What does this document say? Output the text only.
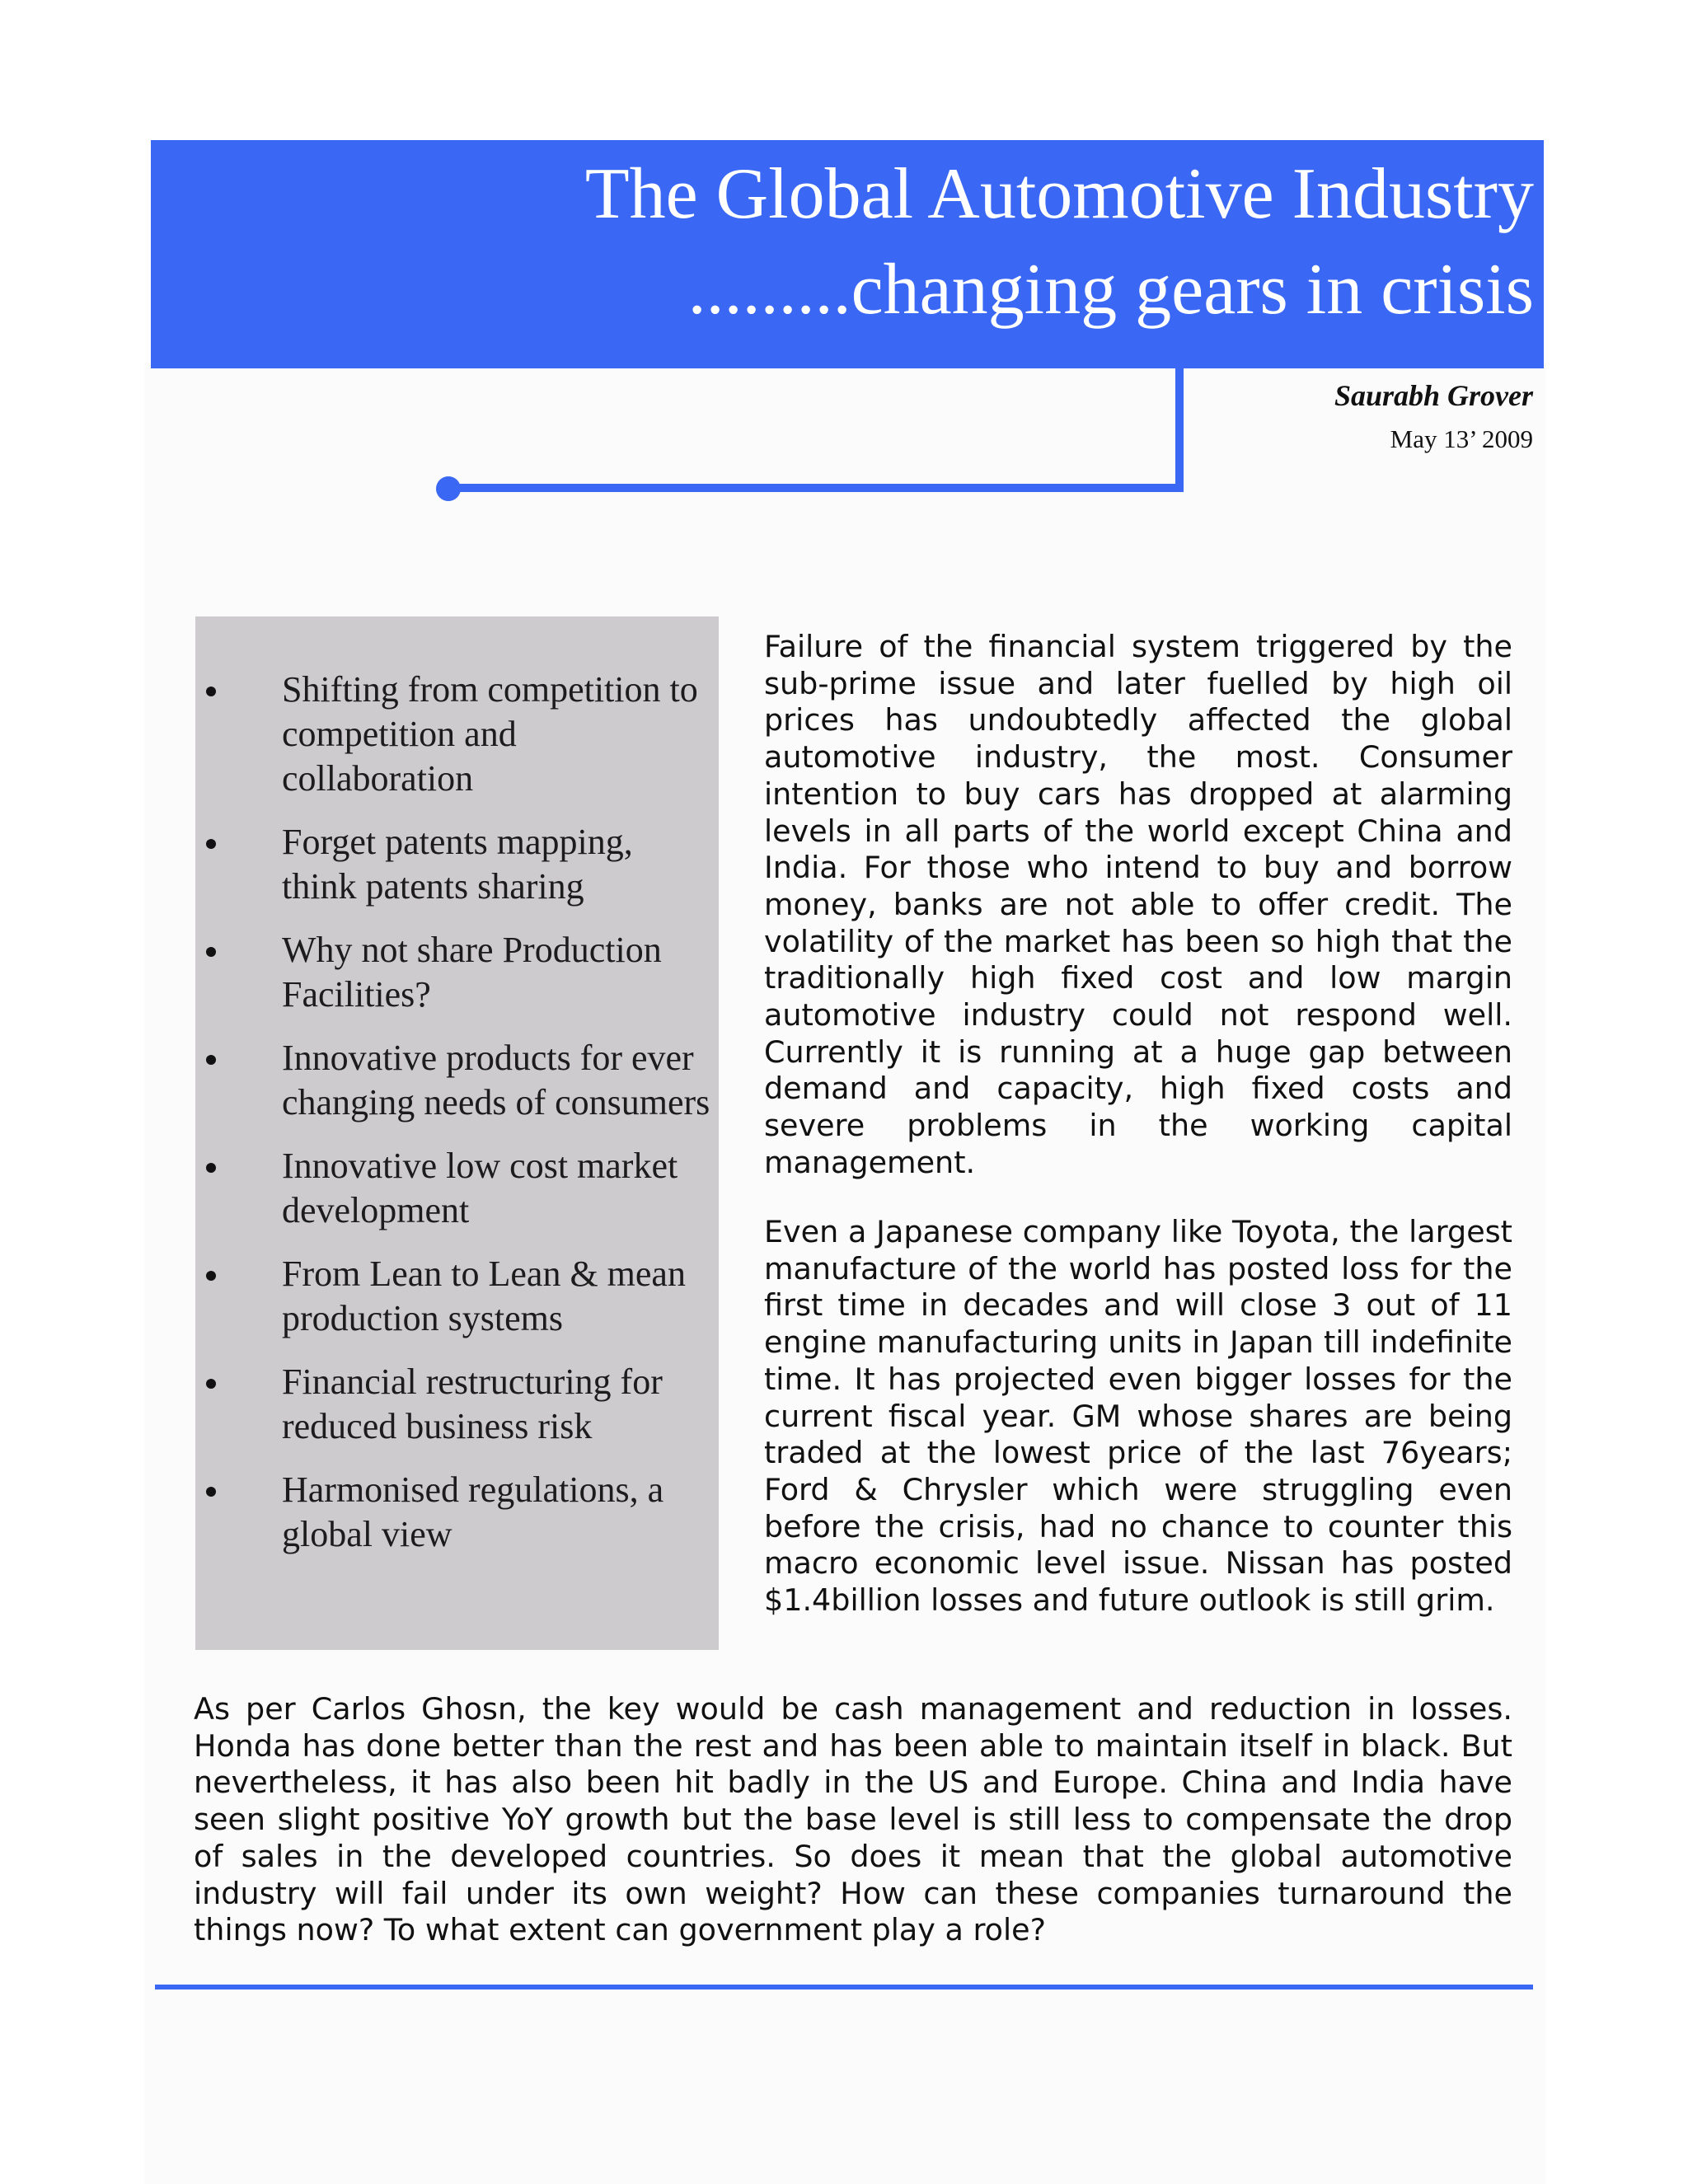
The Global Automotive Industry
.........changing gears in crisis
Saurabh Grover
May 13’ 2009
Shifting from competition to competition and collaboration
Forget patents mapping, think patents sharing
Why not share Production Facilities?
Innovative products for ever changing needs of consumers
Innovative low cost market development
From Lean to Lean & mean production systems
Financial restructuring for reduced business risk
Harmonised regulations, a global view

Failure of the financial system triggered by the sub-prime issue and later fuelled by high oil prices has undoubtedly affected the global automotive industry, the most. Consumer intention to buy cars has dropped at alarming levels in all parts of the world except China and India. For those who intend to buy and borrow money, banks are not able to offer credit. The volatility of the market has been so high that the traditionally high fixed cost and low margin automotive industry could not respond well. Currently it is running at a huge gap between demand and capacity, high fixed costs and severe problems in the working capital management.

Even a Japanese company like Toyota, the largest manufacture of the world has posted loss for the first time in decades and will close 3 out of 11 engine manufacturing units in Japan till indefinite time. It has projected even bigger losses for the current fiscal year. GM whose shares are being traded at the lowest price of the last 76years; Ford & Chrysler which were struggling even before the crisis, had no chance to counter this macro economic level issue. Nissan has posted $1.4billion losses and future outlook is still grim.

As per Carlos Ghosn, the key would be cash management and reduction in losses. Honda has done better than the rest and has been able to maintain itself in black. But nevertheless, it has also been hit badly in the US and Europe. China and India have seen slight positive YoY growth but the base level is still less to compensate the drop of sales in the developed countries. So does it mean that the global automotive industry will fail under its own weight? How can these companies turnaround the things now? To what extent can government play a role?
